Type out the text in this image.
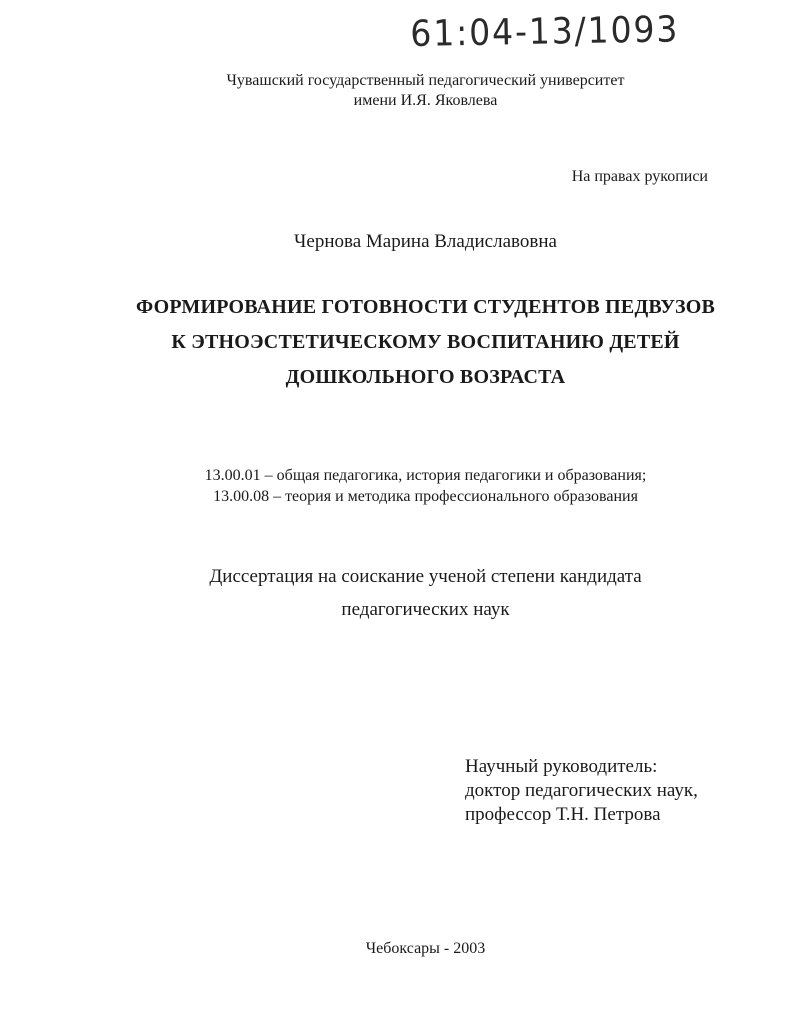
61:04-13/1093
Чувашский государственный педагогический университет
имени И.Я. Яковлева
На правах рукописи
Чернова Марина Владиславовна
ФОРМИРОВАНИЕ ГОТОВНОСТИ СТУДЕНТОВ ПЕДВУЗОВ
К ЭТНОЭСТЕТИЧЕСКОМУ ВОСПИТАНИЮ ДЕТЕЙ
ДОШКОЛЬНОГО ВОЗРАСТА
13.00.01 – общая педагогика, история педагогики и образования;
13.00.08 – теория и методика профессионального образования
Диссертация на соискание ученой степени кандидата
педагогических наук
Научный руководитель:
доктор педагогических наук,
профессор Т.Н. Петрова
Чебоксары - 2003
